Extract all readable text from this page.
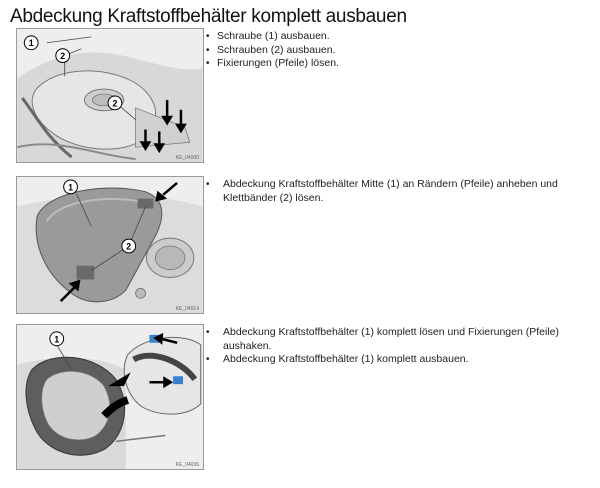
Abdeckung Kraftstoffbehälter komplett ausbauen
1
2
2
KE_04000
• Schraube (1) ausbauen.
• Schrauben (2) ausbauen.
• Fixierungen (Pfeile) lösen.
1
2
KE_04014
• Abdeckung Kraftstoffbehälter Mitte (1) an Rändern (Pfeile) anheben und Klettbänder (2) lösen.
1
KE_04036
• Abdeckung Kraftstoffbehälter (1) komplett lösen und Fixierungen (Pfeile) aushaken.
• Abdeckung Kraftstoffbehälter (1) komplett ausbauen.
